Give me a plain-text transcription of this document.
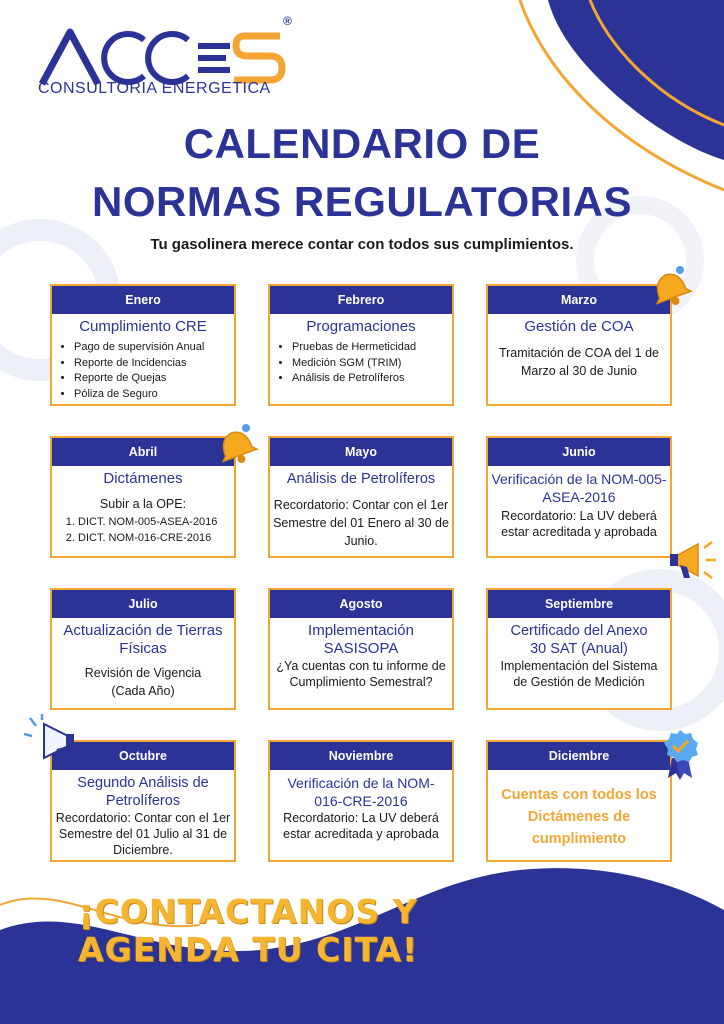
®
CONSULTORIA ENERGETICA
CALENDARIO DE
NORMAS REGULATORIAS
Tu gasolinera merece contar con todos sus cumplimientos.
Enero
Cumplimiento CRE
• Pago de supervisión Anual
• Reporte de Incidencias
• Reporte de Quejas
• Póliza de Seguro
Febrero
Programaciones
• Pruebas de Hermeticidad
• Medición SGM (TRIM)
• Análisis de Petrolíferos
Marzo
Gestión de COA
Tramitación de COA del 1 de Marzo al 30 de Junio
Abril
Dictámenes
Subir a la OPE:
1. DICT. NOM-005-ASEA-2016
2. DICT. NOM-016-CRE-2016
Mayo
Análisis de Petrolíferos
Recordatorio: Contar con el 1er Semestre del 01 Enero al 30 de Junio.
Junio
Verificación de la NOM-005-ASEA-2016
Recordatorio: La UV deberá estar acreditada y aprobada
Julio
Actualización de Tierras Físicas
Revisión de Vigencia (Cada Año)
Agosto
Implementación SASISOPA
¿Ya cuentas con tu informe de Cumplimiento Semestral?
Septiembre
Certificado del Anexo 30 SAT (Anual)
Implementación del Sistema de Gestión de Medición
Octubre
Segundo Análisis de Petrolíferos
Recordatorio: Contar con el 1er Semestre del 01 Julio al 31 de Diciembre.
Noviembre
Verificación de la NOM-016-CRE-2016
Recordatorio: La UV deberá estar acreditada y aprobada
Diciembre
Cuentas con todos los Dictámenes de cumplimiento
¡CONTACTANOS Y
AGENDA TU CITA!
